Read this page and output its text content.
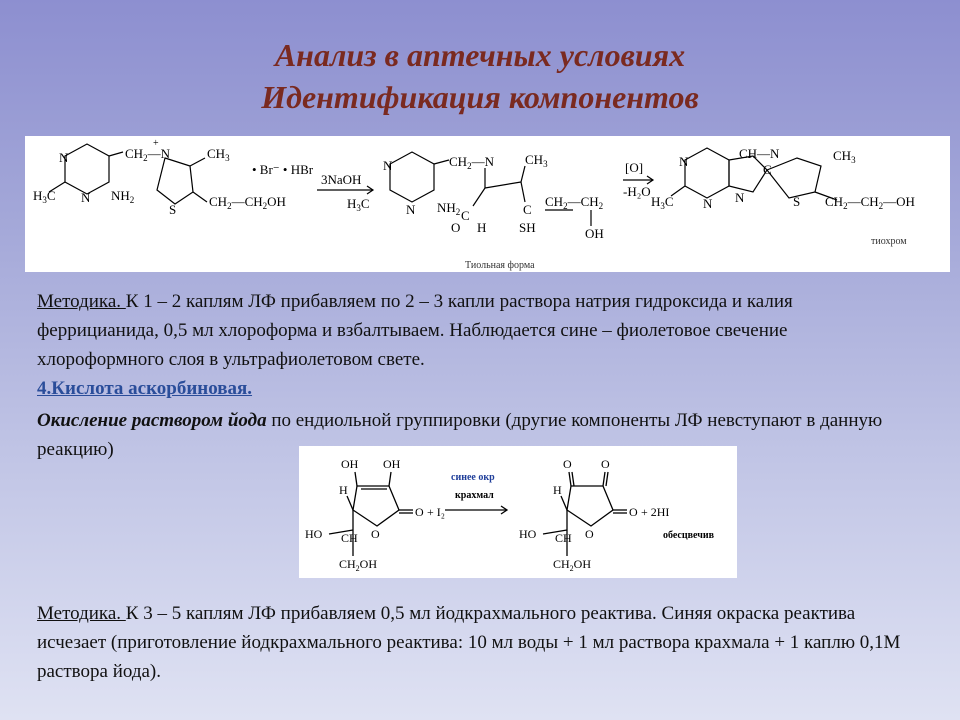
Анализ в аптечных условиях
Идентификация компонентов
N
$H_3C$ N $NH_2$
$CH_2—N$
+
$CH_3$
S
$CH_2—CH_2OH$
• Br⁻ • HBr
3NaOH
N
$H_3C$	N $NH_2$
$CH_2—N$
C
O H
$CH_3$
C
SH
$CH_2—CH_2$
OH
[O]
-H₂O
N
$H_3C$ N
CH—N
N
C
S
$CH_3$
$CH_2—CH_2—OH$
Тиольная форма
тиохром

Методика. К 1 – 2 каплям ЛФ прибавляем по 2 – 3 капли раствора натрия гидроксида и калия феррицианида, 0,5 мл хлороформа и взбалтываем. Наблюдается сине – фиолетовое свечение хлороформного слоя в ультрафиолетовом свете.

4.Кислота аскорбиновая.

Окисление раствором йода по ендиольной группировки (другие компоненты ЛФ невступают в данную реакцию)

OH OH
H
O
O
HO CH
$CH_2OH$
+ I₂
O O
H
O
O
HO CH
$CH_2OH$
+ 2HI
синее окр
крахмал
обесцвечив

Методика. К 3 – 5 каплям ЛФ прибавляем 0,5 мл йодкрахмального реактива. Синяя окраска реактива исчезает (приготовление йодкрахмального реактива: 10 мл воды + 1 мл раствора крахмала + 1 каплю 0,1М раствора йода).
